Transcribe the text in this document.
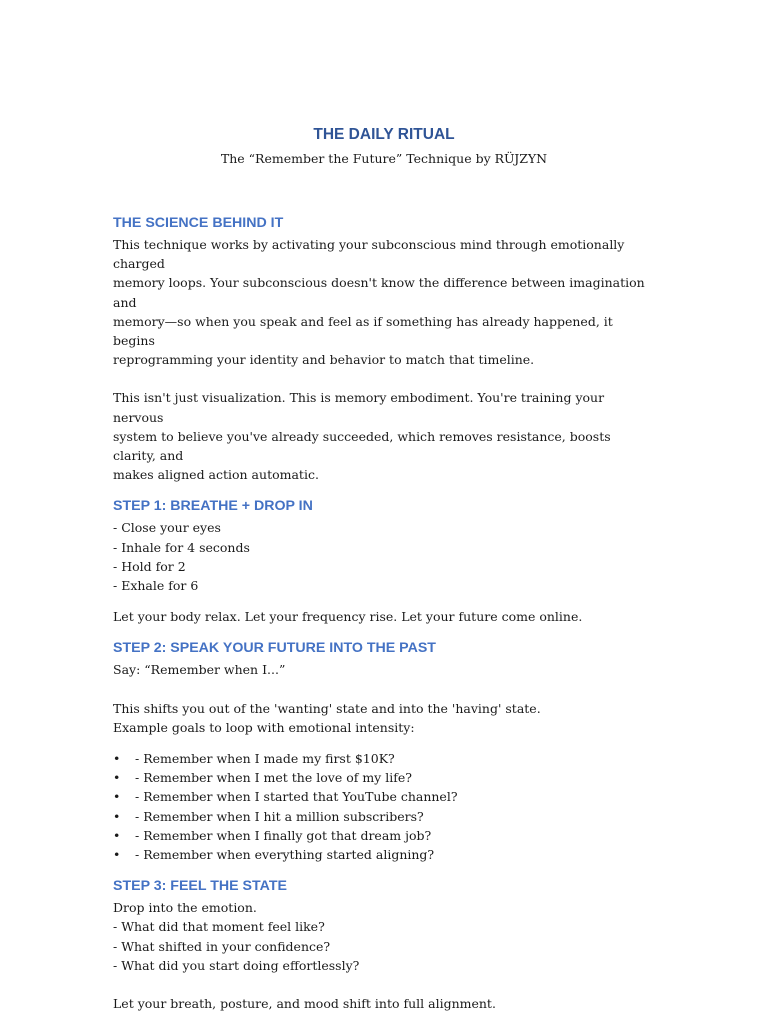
THE DAILY RITUAL
The “Remember the Future” Technique by RÜJZYN
THE SCIENCE BEHIND IT

This technique works by activating your subconscious mind through emotionally charged
memory loops. Your subconscious doesn't know the difference between imagination and
memory—so when you speak and feel as if something has already happened, it begins
reprogramming your identity and behavior to match that timeline.

This isn't just visualization. This is memory embodiment. You're training your nervous
system to believe you've already succeeded, which removes resistance, boosts clarity, and
makes aligned action automatic.

STEP 1: BREATHE + DROP IN

- Close your eyes
- Inhale for 4 seconds
- Hold for 2
- Exhale for 6

Let your body relax. Let your frequency rise. Let your future come online.

STEP 2: SPEAK YOUR FUTURE INTO THE PAST

Say: “Remember when I...”

This shifts you out of the 'wanting' state and into the 'having' state.
Example goals to loop with emotional intensity:

• - Remember when I made my first $10K?
• - Remember when I met the love of my life?
• - Remember when I started that YouTube channel?
• - Remember when I hit a million subscribers?
• - Remember when I finally got that dream job?
• - Remember when everything started aligning?
STEP 3: FEEL THE STATE

Drop into the emotion.
- What did that moment feel like?
- What shifted in your confidence?
- What did you start doing effortlessly?

Let your breath, posture, and mood shift into full alignment.
